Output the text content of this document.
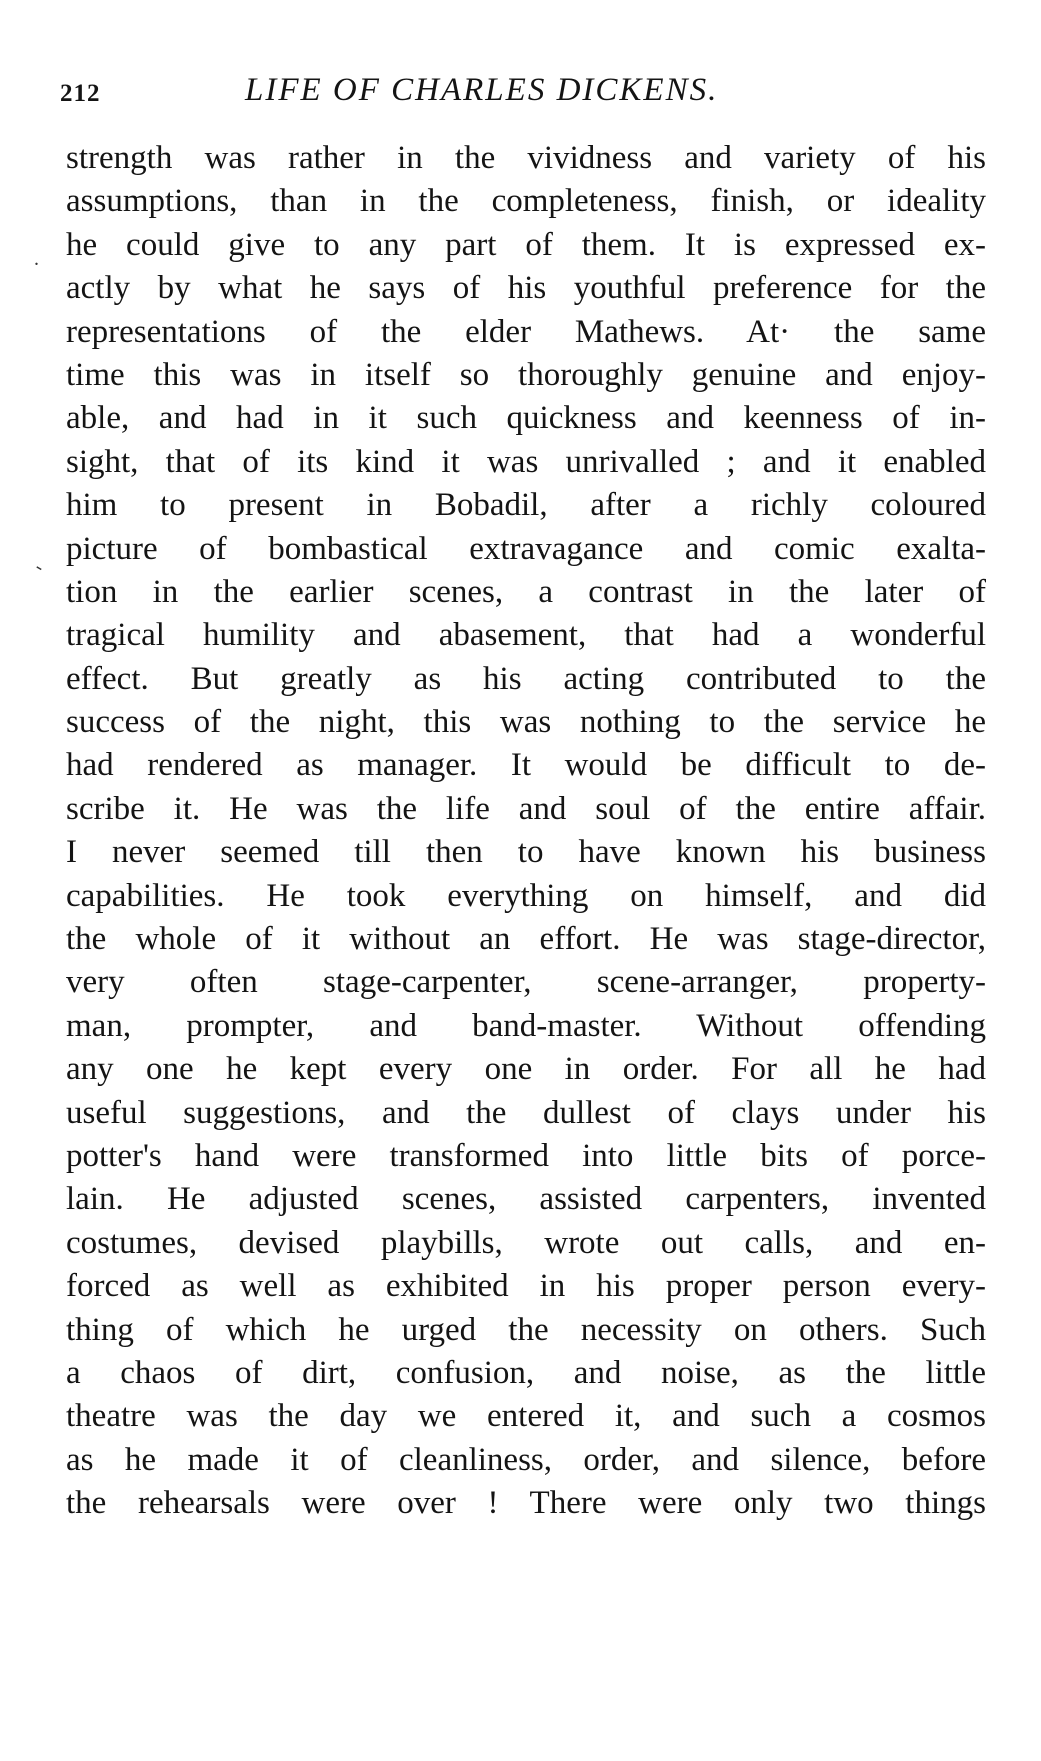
212	LIFE OF CHARLES DICKENS.
.
-
strength was rather in the vividness and variety of his
assumptions, than in the completeness, finish, or ideality
he could give to any part of them. It is expressed ex-
actly by what he says of his youthful preference for the
representations of the elder Mathews. At· the same
time this was in itself so thoroughly genuine and enjoy-
able, and had in it such quickness and keenness of in-
sight, that of its kind it was unrivalled ; and it enabled
him to present in Bobadil, after a richly coloured
picture of bombastical extravagance and comic exalta-
tion in the earlier scenes, a contrast in the later of
tragical humility and abasement, that had a wonderful
effect. But greatly as his acting contributed to the
success of the night, this was nothing to the service he
had rendered as manager. It would be difficult to de-
scribe it. He was the life and soul of the entire affair.
I never seemed till then to have known his business
capabilities. He took everything on himself, and did
the whole of it without an effort. He was stage-director,
very often stage-carpenter, scene-arranger, property-
man, prompter, and band-master. Without offending
any one he kept every one in order. For all he had
useful suggestions, and the dullest of clays under his
potter's hand were transformed into little bits of porce-
lain. He adjusted scenes, assisted carpenters, invented
costumes, devised playbills, wrote out calls, and en-
forced as well as exhibited in his proper person every-
thing of which he urged the necessity on others. Such
a chaos of dirt, confusion, and noise, as the little
theatre was the day we entered it, and such a cosmos
as he made it of cleanliness, order, and silence, before
the rehearsals were over ! There were only two things
